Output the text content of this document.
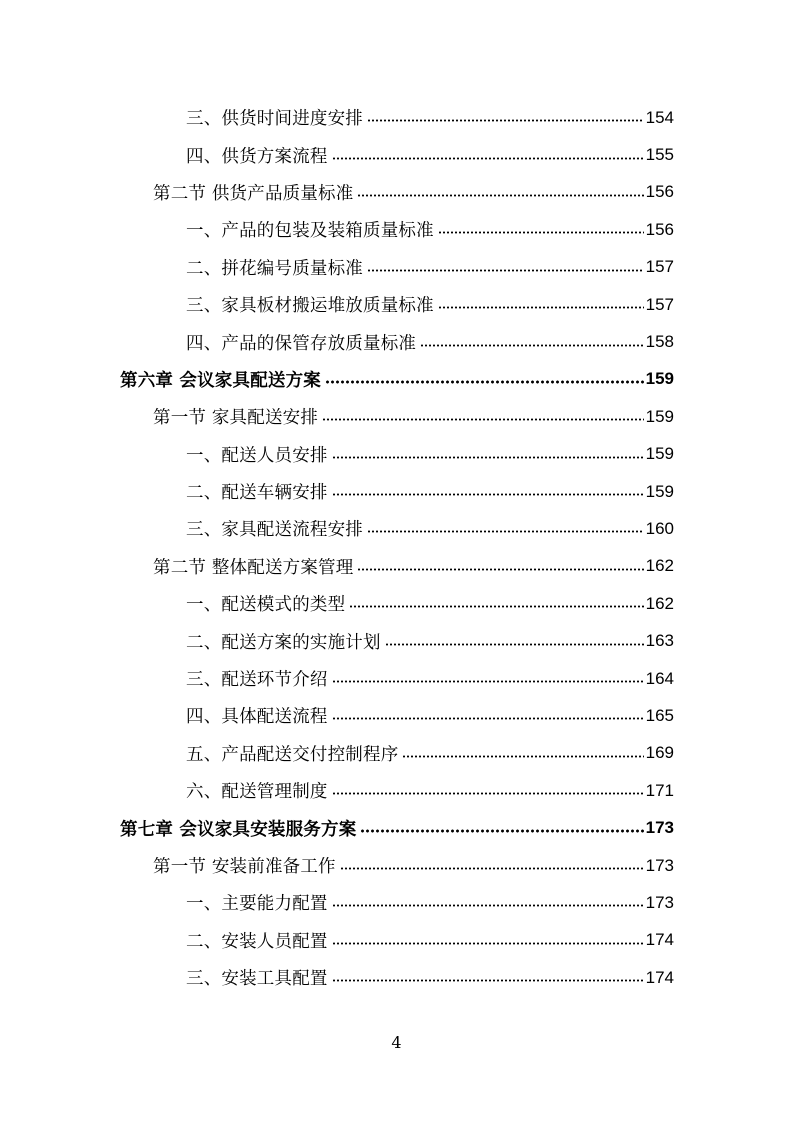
三、供货时间进度安排	154
四、供货方案流程	155
第二节 供货产品质量标准	156
一、产品的包装及装箱质量标准	156
二、拼花编号质量标准	157
三、家具板材搬运堆放质量标准	157
四、产品的保管存放质量标准	158
第六章 会议家具配送方案	159
第一节 家具配送安排	159
一、配送人员安排	159
二、配送车辆安排	159
三、家具配送流程安排	160
第二节 整体配送方案管理	162
一、配送模式的类型	162
二、配送方案的实施计划	163
三、配送环节介绍	164
四、具体配送流程	165
五、产品配送交付控制程序	169
六、配送管理制度	171
第七章 会议家具安装服务方案	173
第一节 安装前准备工作	173
一、主要能力配置	173
二、安装人员配置	174
三、安装工具配置	174
4
